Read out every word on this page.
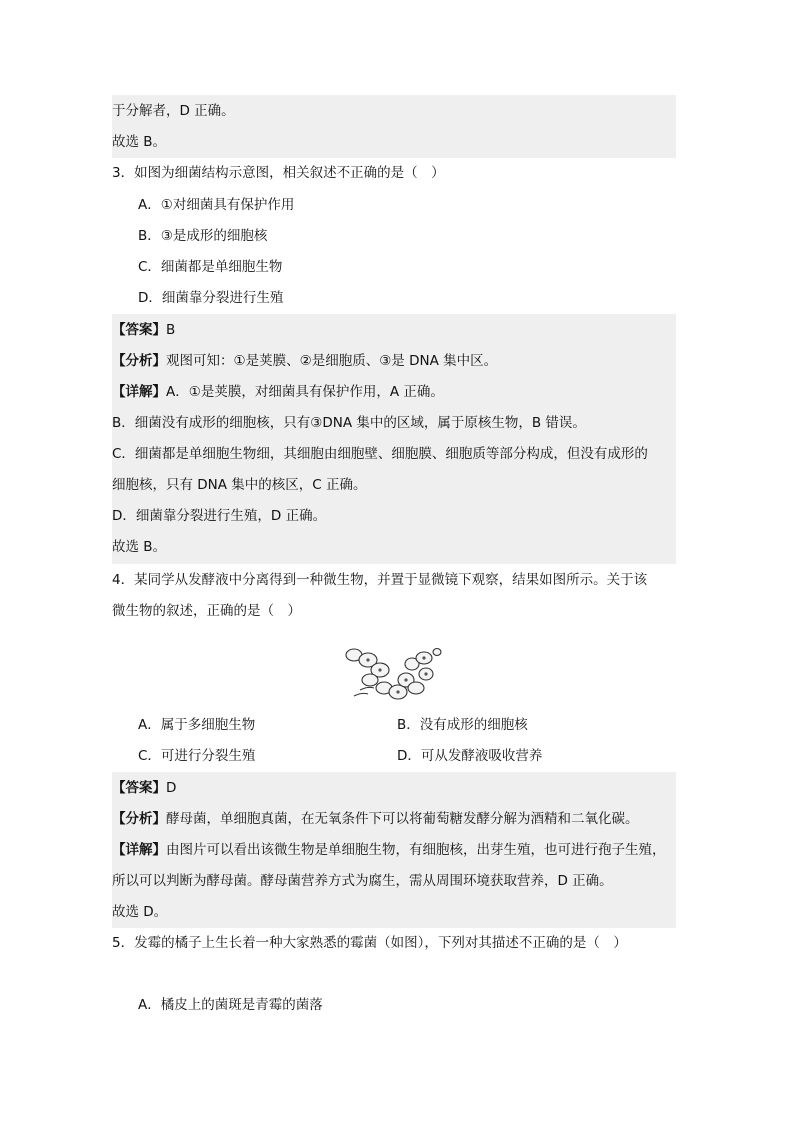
于分解者，D 正确。
故选 B。
3．如图为细菌结构示意图，相关叙述不正确的是（　）
A．①对细菌具有保护作用
B．③是成形的细胞核
C．细菌都是单细胞生物
D．细菌靠分裂进行生殖
【答案】B
【分析】观图可知：①是荚膜、②是细胞质、③是 DNA 集中区。
【详解】A．①是荚膜，对细菌具有保护作用，A 正确。
B．细菌没有成形的细胞核，只有③DNA 集中的区域，属于原核生物，B 错误。
C．细菌都是单细胞生物细，其细胞由细胞壁、细胞膜、细胞质等部分构成，但没有成形的
细胞核，只有 DNA 集中的核区，C 正确。
D．细菌靠分裂进行生殖，D 正确。
故选 B。
4．某同学从发酵液中分离得到一种微生物，并置于显微镜下观察，结果如图所示。关于该
微生物的叙述，正确的是（　）
A．属于多细胞生物	B．没有成形的细胞核
C．可进行分裂生殖	D．可从发酵液吸收营养
【答案】D
【分析】酵母菌，单细胞真菌，在无氧条件下可以将葡萄糖发酵分解为酒精和二氧化碳。
【详解】由图片可以看出该微生物是单细胞生物，有细胞核，出芽生殖，也可进行孢子生殖，
所以可以判断为酵母菌。酵母菌营养方式为腐生，需从周围环境获取营养，D 正确。
故选 D。
5．发霉的橘子上生长着一种大家熟悉的霉菌（如图），下列对其描述不正确的是（　）
A．橘皮上的菌斑是青霉的菌落
